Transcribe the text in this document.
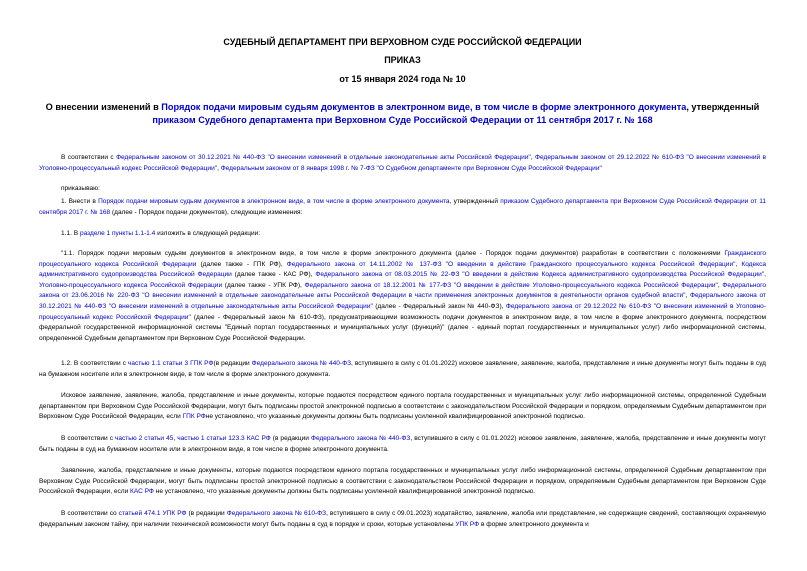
СУДЕБНЫЙ ДЕПАРТАМЕНТ ПРИ ВЕРХОВНОМ СУДЕ РОССИЙСКОЙ ФЕДЕРАЦИИ
ПРИКАЗ
от 15 января 2024 года № 10
О внесении изменений в Порядок подачи мировым судьям документов в электронном виде, в том числе в форме электронного документа, утвержденный приказом Судебного департамента при Верховном Суде Российской Федерации от 11 сентября 2017 г. № 168
В соответствии с Федеральным законом от 30.12.2021 № 440-ФЗ "О внесении изменений в отдельные законодательные акты Российской Федерации", Федеральным законом от 29.12.2022 № 610-ФЗ "О внесении изменений в Уголовно-процессуальный кодекс Российской Федерации", Федеральным законом от 8 января 1998 г. № 7-ФЗ "О Судебном департаменте при Верховном Суде Российской Федерации"
приказываю:
1. Внести в Порядок подачи мировым судьям документов в электронном виде, в том числе в форме электронного документа, утвержденный приказом Судебного департамента при Верховном Суде Российской Федерации от 11 сентября 2017 г. № 168 (далее - Порядок подачи документов), следующие изменения:
1.1. В разделе 1 пункты 1.1-1.4 изложить в следующей редакции:
"1.1. Порядок подачи мировым судьям документов в электронном виде, в том числе в форме электронного документа (далее - Порядок подачи документов) разработан в соответствии с положениями Гражданского процессуального кодекса Российской Федерации (далее также - ГПК РФ), Федерального закона от 14.11.2002 № 137-ФЗ "О введении в действие Гражданского процессуального кодекса Российской Федерации", Кодекса административного судопроизводства Российской Федерации (далее также - КАС РФ), Федерального закона от 08.03.2015 № 22-ФЗ "О введении в действие Кодекса административного судопроизводства Российской Федерации", Уголовно-процессуального кодекса Российской Федерации (далее также - УПК РФ), Федерального закона от 18.12.2001 № 177-ФЗ "О введении в действие Уголовно-процессуального кодекса Российской Федерации", Федерального закона от 23.06.2016 № 220-ФЗ "О внесении изменений в отдельные законодательные акты Российской Федерации в части применения электронных документов в деятельности органов судебной власти", Федерального закона от 30.12.2021 № 440-ФЗ "О внесении изменений в отдельные законодательные акты Российской Федерации" (далее - Федеральный закон № 440-ФЗ), Федерального закона от 29.12.2022 № 610-ФЗ "О внесении изменений в Уголовно-процессуальный кодекс Российской Федерации" (далее - Федеральный закон № 610-ФЗ), предусматривающими возможность подачи документов в электронном виде, в том числе в форме электронного документа, посредством федеральной государственной информационной системы "Единый портал государственных и муниципальных услуг (функций)" (далее - единый портал государственных и муниципальных услуг) либо информационной системы, определенной Судебным департаментом при Верховном Суде Российской Федерации.
1.2. В соответствии с частью 1.1 статьи 3 ГПК РФ(в редакции Федерального закона № 440-ФЗ, вступившего в силу с 01.01.2022) исковое заявление, заявление, жалоба, представление и иные документы могут быть поданы в суд на бумажном носителе или в электронном виде, в том числе в форме электронного документа.
Исковое заявление, заявление, жалоба, представление и иные документы, которые подаются посредством единого портала государственных и муниципальных услуг либо информационной системы, определенной Судебным департаментом при Верховном Суде Российской Федерации, могут быть подписаны простой электронной подписью в соответствии с законодательством Российской Федерации и порядком, определяемым Судебным департаментом при Верховном Суде Российской Федерации, если ГПК РФне установлено, что указанные документы должны быть подписаны усиленной квалифицированной электронной подписью.
В соответствии с частью 2 статьи 45, частью 1 статьи 123.3 КАС РФ (в редакции Федерального закона № 440-ФЗ, вступившего в силу с 01.01.2022) исковое заявление, заявление, жалоба, представление и иные документы могут быть поданы в суд на бумажном носителе или в электронном виде, в том числе в форме электронного документа.
Заявление, жалоба, представление и иные документы, которые подаются посредством единого портала государственных и муниципальных услуг либо информационной системы, определенной Судебным департаментом при Верховном Суде Российской Федерации, могут быть подписаны простой электронной подписью в соответствии с законодательством Российской Федерации и порядком, определяемым Судебным департаментом при Верховном Суде Российской Федерации, если КАС РФ не установлено, что указанные документы должны быть подписаны усиленной квалифицированной электронной подписью.
В соответствии со статьей 474.1 УПК РФ (в редакции Федерального закона № 610-ФЗ, вступившего в силу с 09.01.2023) ходатайство, заявление, жалоба или представление, не содержащие сведений, составляющих охраняемую федеральным законом тайну, при наличии технической возможности могут быть поданы в суд в порядке и сроки, которые установлены УПК РФ в форме электронного документа и
